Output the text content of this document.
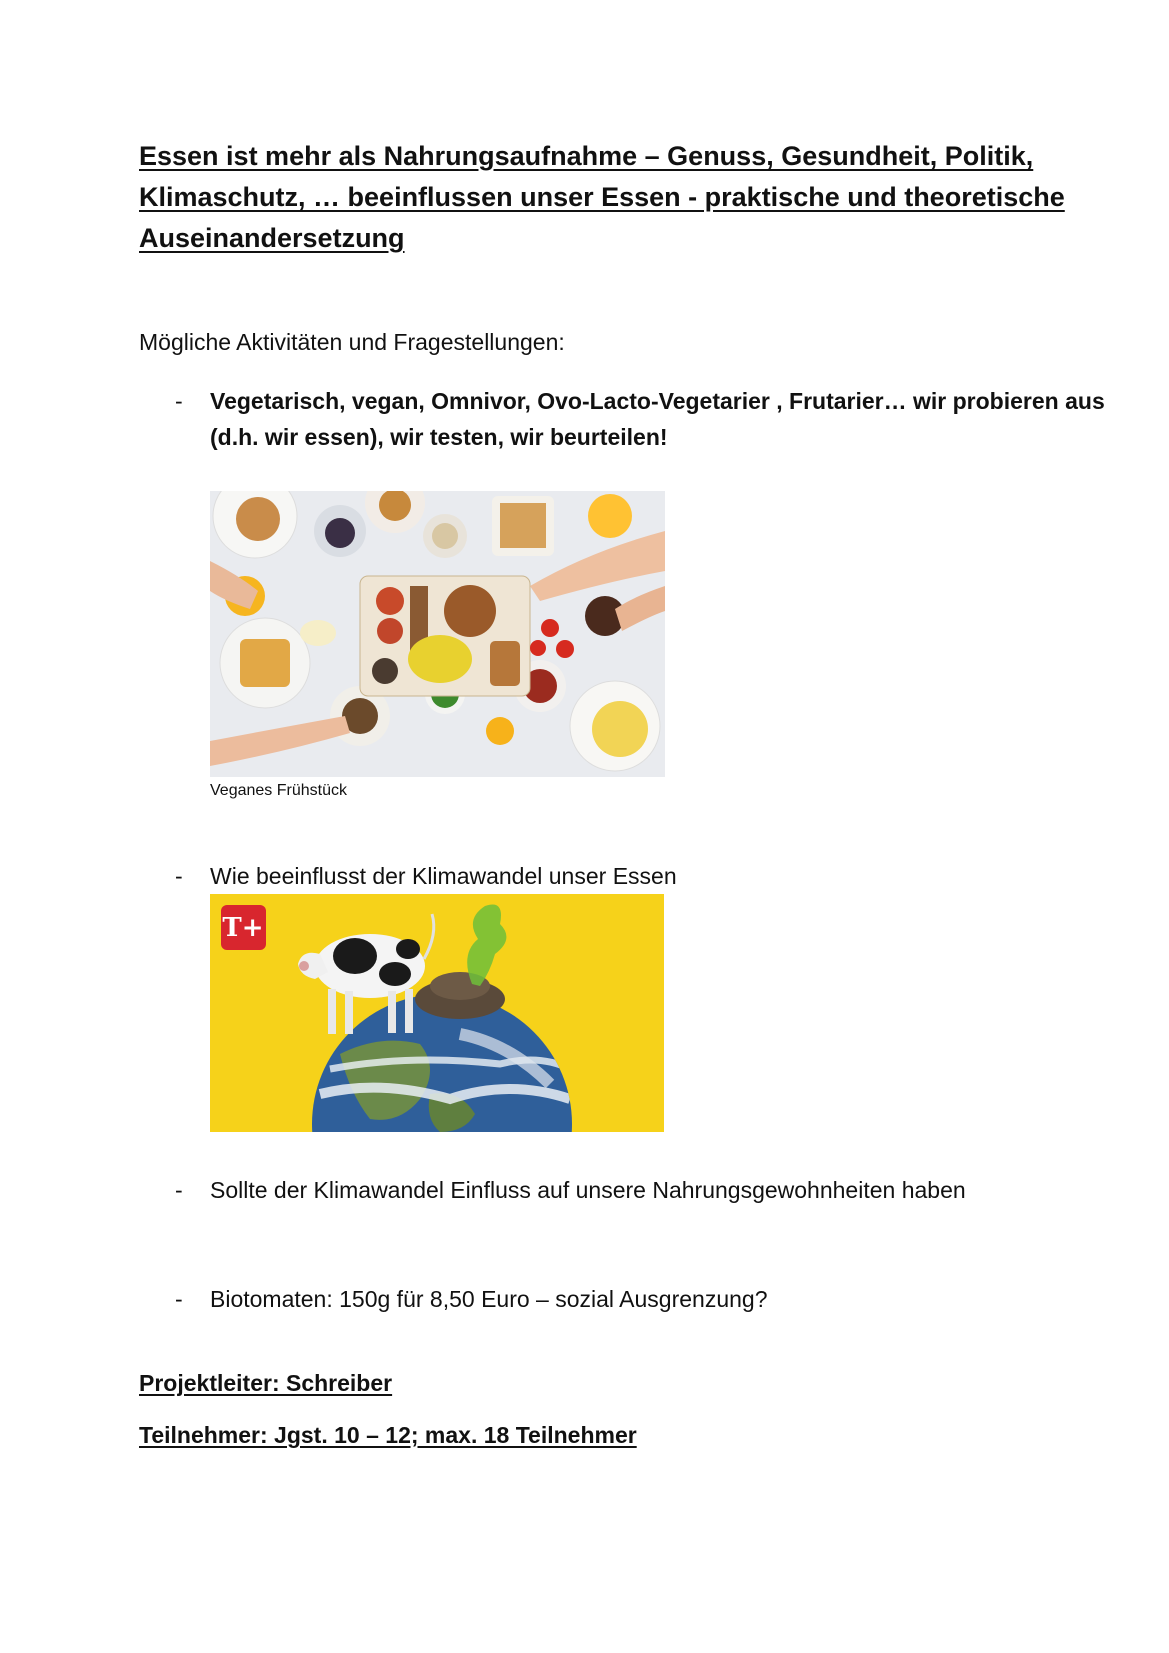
Essen ist mehr als Nahrungsaufnahme – Genuss, Gesundheit, Politik, Klimaschutz, … beeinflussen unser Essen - praktische und theoretische Auseinandersetzung

Mögliche Aktivitäten und Fragestellungen:

- Vegetarisch, vegan, Omnivor, Ovo-Lacto-Vegetarier , Frutarier… wir probieren aus (d.h. wir essen), wir testen, wir beurteilen!
Veganes Frühstück
- Wie beeinflusst der Klimawandel unser Essen
T+
- Sollte der Klimawandel Einfluss auf unsere Nahrungsgewohnheiten haben
- Biotomaten: 150g für 8,50 Euro – sozial Ausgrenzung?
Projektleiter: Schreiber
Teilnehmer: Jgst. 10 – 12; max. 18 Teilnehmer
